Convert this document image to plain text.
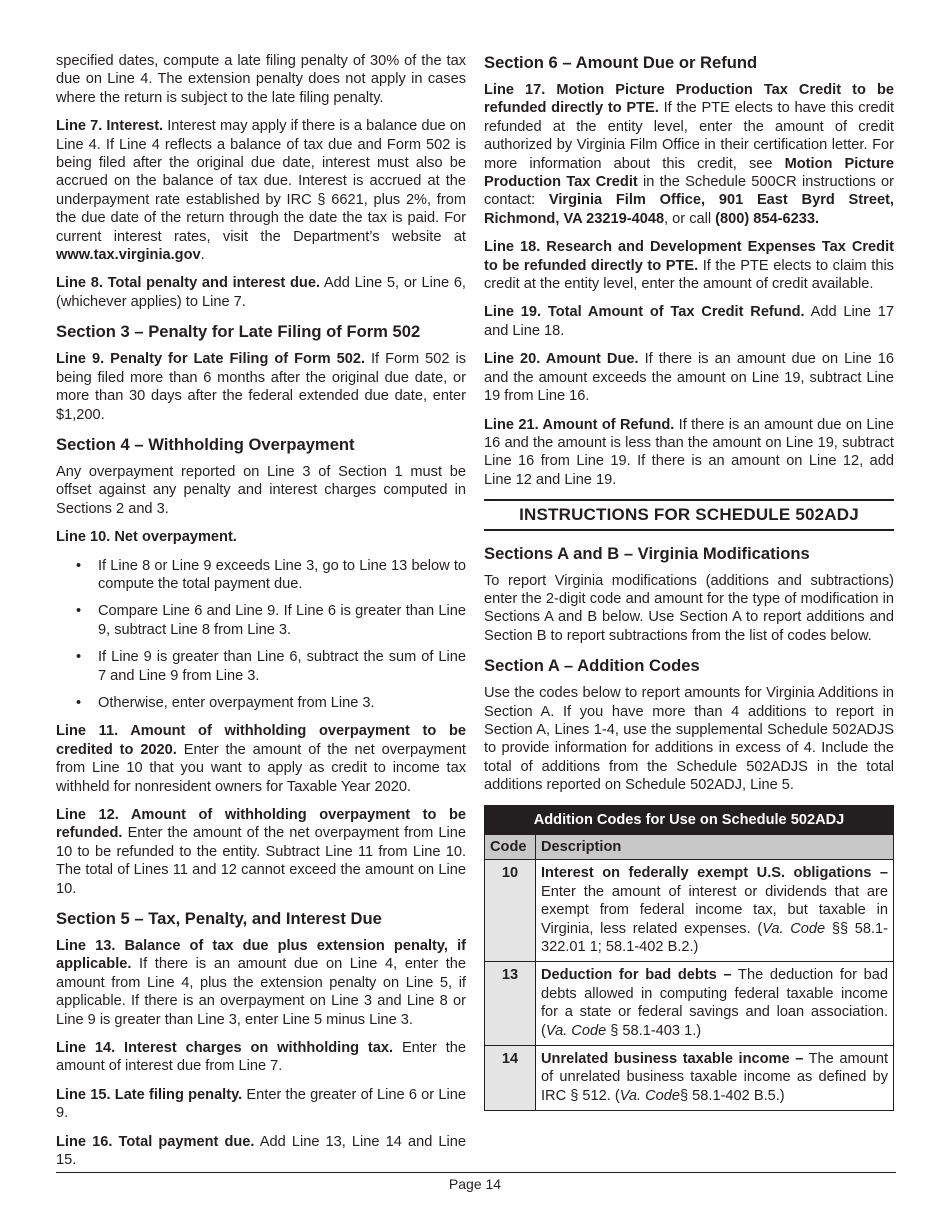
specified dates, compute a late filing penalty of 30% of the tax due on Line 4. The extension penalty does not apply in cases where the return is subject to the late filing penalty.

Line 7. Interest. Interest may apply if there is a balance due on Line 4. If Line 4 reflects a balance of tax due and Form 502 is being filed after the original due date, interest must also be accrued on the balance of tax due. Interest is accrued at the underpayment rate established by IRC § 6621, plus 2%, from the due date of the return through the date the tax is paid. For current interest rates, visit the Department’s website at www.tax.virginia.gov.

Line 8. Total penalty and interest due. Add Line 5, or Line 6, (whichever applies) to Line 7.

Section 3 – Penalty for Late Filing of Form 502

Line 9. Penalty for Late Filing of Form 502. If Form 502 is being filed more than 6 months after the original due date, or more than 30 days after the federal extended due date, enter $1,200.

Section 4 – Withholding Overpayment

Any overpayment reported on Line 3 of Section 1 must be offset against any penalty and interest charges computed in Sections 2 and 3.

Line 10. Net overpayment.

• If Line 8 or Line 9 exceeds Line 3, go to Line 13 below to compute the total payment due.
• Compare Line 6 and Line 9. If Line 6 is greater than Line 9, subtract Line 8 from Line 3.
• If Line 9 is greater than Line 6, subtract the sum of Line 7 and Line 9 from Line 3.
• Otherwise, enter overpayment from Line 3.

Line 11. Amount of withholding overpayment to be credited to 2020. Enter the amount of the net overpayment from Line 10 that you want to apply as credit to income tax withheld for nonresident owners for Taxable Year 2020.

Line 12. Amount of withholding overpayment to be refunded. Enter the amount of the net overpayment from Line 10 to be refunded to the entity. Subtract Line 11 from Line 10. The total of Lines 11 and 12 cannot exceed the amount on Line 10.

Section 5 – Tax, Penalty, and Interest Due

Line 13. Balance of tax due plus extension penalty, if applicable. If there is an amount due on Line 4, enter the amount from Line 4, plus the extension penalty on Line 5, if applicable. If there is an overpayment on Line 3 and Line 8 or Line 9 is greater than Line 3, enter Line 5 minus Line 3.

Line 14. Interest charges on withholding tax. Enter the amount of interest due from Line 7.

Line 15. Late filing penalty. Enter the greater of Line 6 or Line 9.

Line 16. Total payment due. Add Line 13, Line 14 and Line 15.

Section 6 – Amount Due or Refund

Line 17. Motion Picture Production Tax Credit to be refunded directly to PTE. If the PTE elects to have this credit refunded at the entity level, enter the amount of credit authorized by Virginia Film Office in their certification letter. For more information about this credit, see Motion Picture Production Tax Credit in the Schedule 500CR instructions or contact: Virginia Film Office, 901 East Byrd Street, Richmond, VA 23219-4048, or call (800) 854-6233.

Line 18. Research and Development Expenses Tax Credit to be refunded directly to PTE. If the PTE elects to claim this credit at the entity level, enter the amount of credit available.

Line 19. Total Amount of Tax Credit Refund. Add Line 17 and Line 18.

Line 20. Amount Due. If there is an amount due on Line 16 and the amount exceeds the amount on Line 19, subtract Line 19 from Line 16.

Line 21. Amount of Refund. If there is an amount due on Line 16 and the amount is less than the amount on Line 19, subtract Line 16 from Line 19. If there is an amount on Line 12, add Line 12 and Line 19.

INSTRUCTIONS FOR SCHEDULE 502ADJ
Sections A and B – Virginia Modifications

To report Virginia modifications (additions and subtractions) enter the 2-digit code and amount for the type of modification in Sections A and B below. Use Section A to report additions and Section B to report subtractions from the list of codes below.

Section A – Addition Codes

Use the codes below to report amounts for Virginia Additions in Section A. If you have more than 4 additions to report in Section A, Lines 1-4, use the supplemental Schedule 502ADJS to provide information for additions in excess of 4. Include the total of additions from the Schedule 502ADJS in the total additions reported on Schedule 502ADJ, Line 5.

Addition Codes for Use on Schedule 502ADJ	
Code	Description
10	Interest on federally exempt U.S. obligations – Enter the amount of interest or dividends that are exempt from federal income tax, but taxable in Virginia, less related expenses. (Va. Code §§ 58.1-322.01 1; 58.1-402 B.2.)
13	Deduction for bad debts – The deduction for bad debts allowed in computing federal taxable income for a state or federal savings and loan association. (Va. Code § 58.1-403 1.)
14	Unrelated business taxable income – The amount of unrelated business taxable income as defined by IRC § 512. (Va. Code§ 58.1-402 B.5.)
Page 14
